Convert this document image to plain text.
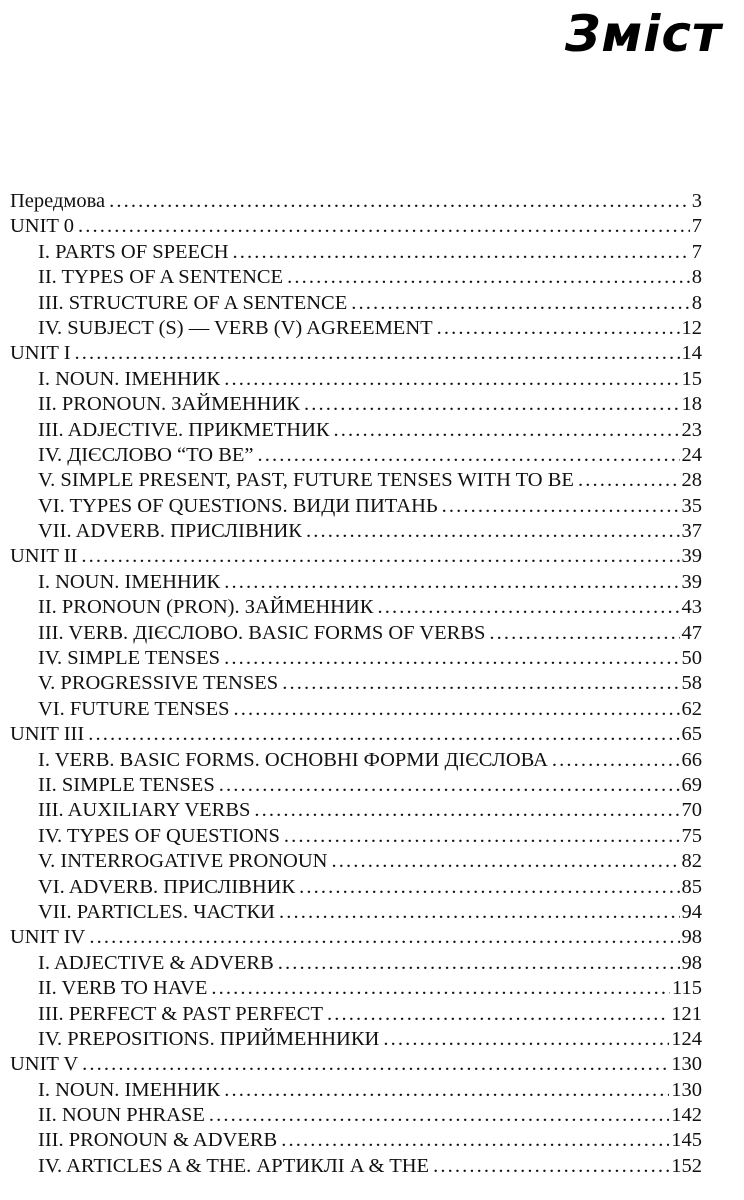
Зміст
Передмова . . .	3
UNIT 0 . . .	7
I. PARTS OF SPEECH . . .	7
II. TYPES OF A SENTENCE . . .	8
III. STRUCTURE OF A SENTENCE . . .	8
IV. SUBJECT (S) — VERB (V) AGREEMENT . . .	12
UNIT I . . .	14
I. NOUN. ІМЕННИК . . .	15
II. PRONOUN. ЗАЙМЕННИК . . .	18
III. ADJECTIVE. ПРИКМЕТНИК . . .	23
IV. ДІЄСЛОВО “TO BE” . . .	24
V. SIMPLE PRESENT, PAST, FUTURE TENSES WITH TO BE . . .	28
VI. TYPES OF QUESTIONS. ВИДИ ПИТАНЬ . . .	35
VII. ADVERB. ПРИСЛІВНИК . . .	37
UNIT II . . .	39
I. NOUN. ІМЕННИК . . .	39
II. PRONOUN (PRON). ЗАЙМЕННИК . . .	43
III. VERB. ДІЄСЛОВО. BASIC FORMS OF VERBS . . .	47
IV. SIMPLE TENSES . . .	50
V. PROGRESSIVE TENSES . . .	58
VI. FUTURE TENSES . . .	62
UNIT III . . .	65
I. VERB. BASIC FORMS. ОСНОВНІ ФОРМИ ДІЄСЛОВА . . .	66
II. SIMPLE TENSES . . .	69
III. AUXILIARY VERBS . . .	70
IV. TYPES OF QUESTIONS . . .	75
V. INTERROGATIVE PRONOUN . . .	82
VI. ADVERB. ПРИСЛІВНИК . . .	85
VII. PARTICLES. ЧАСТКИ . . .	94
UNIT IV . . .	98
I. ADJECTIVE & ADVERB . . .	98
II. VERB TO HAVE . . .	115
III. PERFECT & PAST PERFECT . . .	121
IV. PREPOSITIONS. ПРИЙМЕННИКИ . . .	124
UNIT V . . .	130
I. NOUN. ІМЕННИК . . .	130
II. NOUN PHRASE . . .	142
III. PRONOUN & ADVERB . . .	145
IV. ARTICLES A & THE. АРТИКЛІ A & THE . . .	152
